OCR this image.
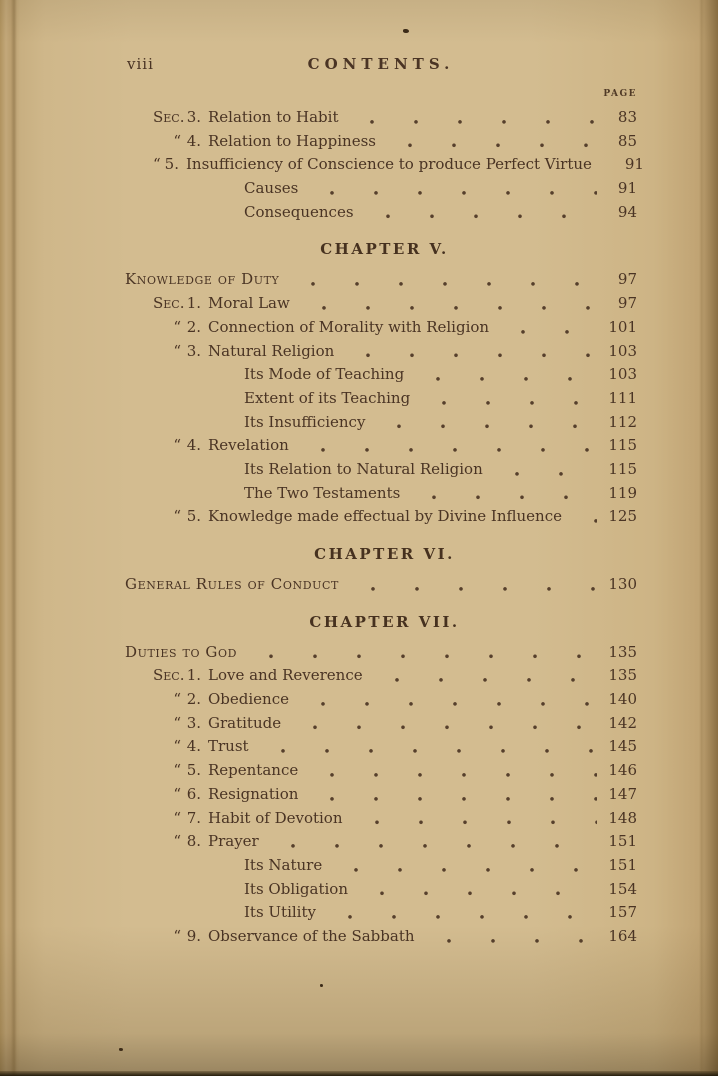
viii	CONTENTS.
PAGE
Sec. 3. Relation to Habit	83
“ 4. Relation to Happiness	85
“ 5. Insufficiency of Conscience to produce Perfect Virtue	91
Causes	91
Consequences	94
CHAPTER V.
Knowledge of Duty	97
Sec. 1. Moral Law	97
“ 2. Connection of Morality with Religion	101
“ 3. Natural Religion	103
Its Mode of Teaching	103
Extent of its Teaching	111
Its Insufficiency	112
“ 4. Revelation	115
Its Relation to Natural Religion	115
The Two Testaments	119
“ 5. Knowledge made effectual by Divine Influence	125
CHAPTER VI.
General Rules of Conduct	130
CHAPTER VII.
Duties to God	135
Sec. 1. Love and Reverence	135
“ 2. Obedience	140
“ 3. Gratitude	142
“ 4. Trust	145
“ 5. Repentance	146
“ 6. Resignation	147
“ 7. Habit of Devotion	148
“ 8. Prayer	151
Its Nature	151
Its Obligation	154
Its Utility	157
“ 9. Observance of the Sabbath	164
